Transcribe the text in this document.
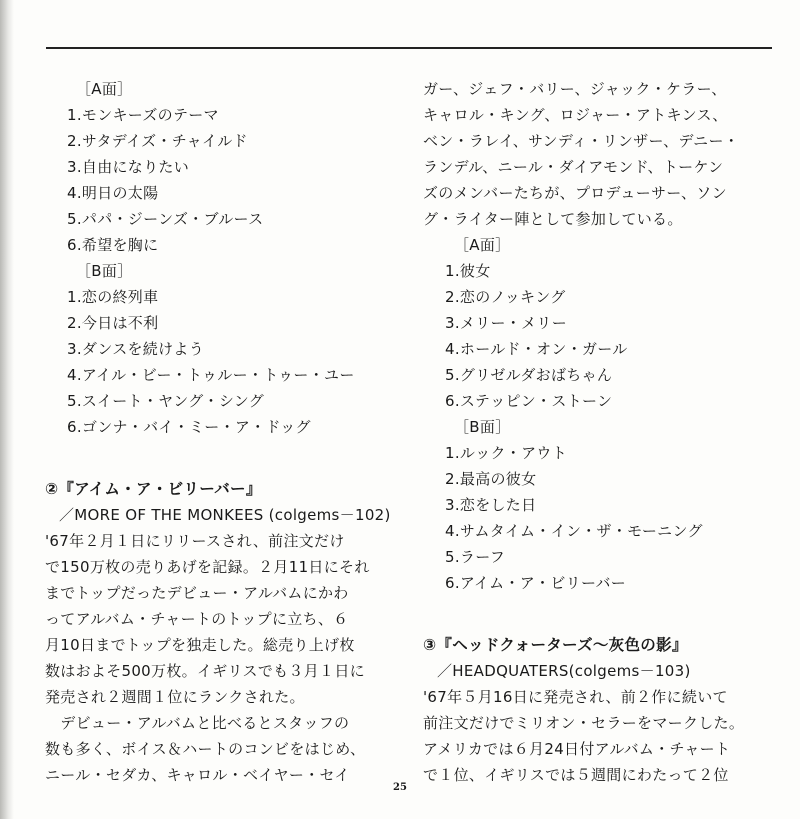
［A面］
1.モンキーズのテーマ
2.サタデイズ・チャイルド
3.自由になりたい
4.明日の太陽
5.パパ・ジーンズ・ブルース
6.希望を胸に
［B面］
1.恋の終列車
2.今日は不利
3.ダンスを続けよう
4.アイル・ビー・トゥルー・トゥー・ユー
5.スイート・ヤング・シング
6.ゴンナ・バイ・ミー・ア・ドッグ
②『アイム・ア・ビリーバー』
／MORE OF THE MONKEES (colgems－102)
'67年２月１日にリリースされ、前注文だけ
で150万枚の売りあげを記録。２月11日にそれ
までトップだったデビュー・アルバムにかわ
ってアルバム・チャートのトップに立ち、６
月10日までトップを独走した。総売り上げ枚
数はおよそ500万枚。イギリスでも３月１日に
発売され２週間１位にランクされた。
　デビュー・アルバムと比べるとスタッフの
数も多く、ボイス＆ハートのコンビをはじめ、
ニール・セダカ、キャロル・ベイヤー・セイ
ガー、ジェフ・バリー、ジャック・ケラー、
キャロル・キング、ロジャー・アトキンス、
ベン・ラレイ、サンディ・リンザー、デニー・
ランデル、ニール・ダイアモンド、トーケン
ズのメンバーたちが、プロデューサー、ソン
グ・ライター陣として参加している。
［A面］
1.彼女
2.恋のノッキング
3.メリー・メリー
4.ホールド・オン・ガール
5.グリゼルダおばちゃん
6.ステッピン・ストーン
［B面］
1.ルック・アウト
2.最高の彼女
3.恋をした日
4.サムタイム・イン・ザ・モーニング
5.ラーフ
6.アイム・ア・ビリーバー
③『ヘッドクォーターズ～灰色の影』
／HEADQUATERS(colgems－103)
'67年５月16日に発売され、前２作に続いて
前注文だけでミリオン・セラーをマークした。
アメリカでは６月24日付アルバム・チャート
で１位、イギリスでは５週間にわたって２位
25
